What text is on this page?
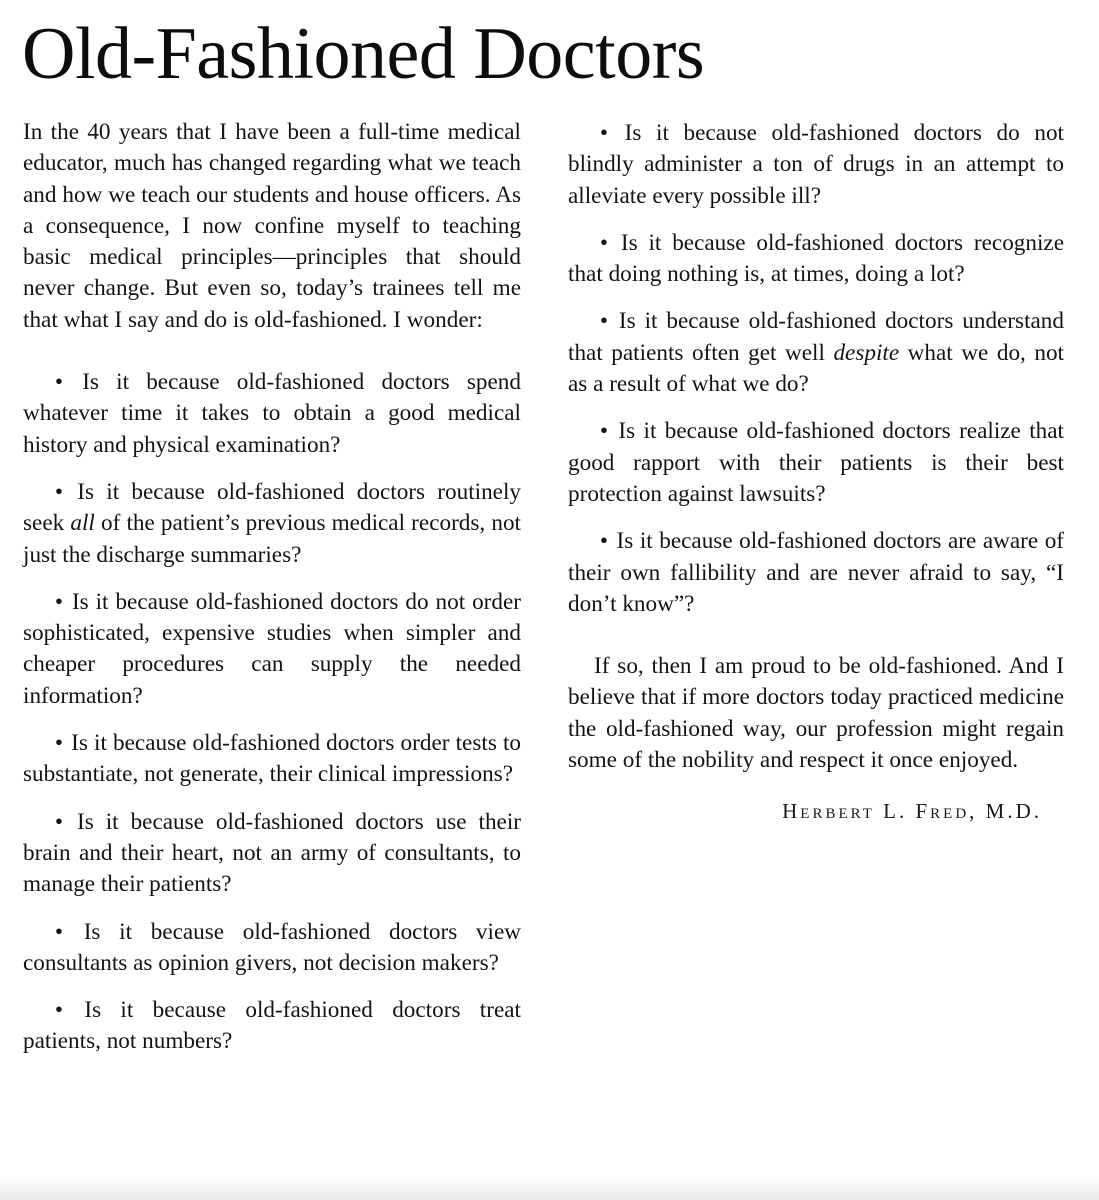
Old-Fashioned Doctors

In the 40 years that I have been a full-time medical educator, much has changed regarding what we teach and how we teach our students and house officers. As a consequence, I now confine myself to teaching basic medical principles—principles that should never change. But even so, today’s trainees tell me that what I say and do is old-fashioned. I wonder:

• Is it because old-fashioned doctors spend whatever time it takes to obtain a good medical history and physical examination?

• Is it because old-fashioned doctors routinely seek all of the patient’s previous medical records, not just the discharge summaries?

• Is it because old-fashioned doctors do not order sophisticated, expensive studies when simpler and cheaper procedures can supply the needed information?

• Is it because old-fashioned doctors order tests to substantiate, not generate, their clinical impressions?

• Is it because old-fashioned doctors use their brain and their heart, not an army of consultants, to manage their patients?

• Is it because old-fashioned doctors view consultants as opinion givers, not decision makers?

• Is it because old-fashioned doctors treat patients, not numbers?

• Is it because old-fashioned doctors do not blindly administer a ton of drugs in an attempt to alleviate every possible ill?

• Is it because old-fashioned doctors recognize that doing nothing is, at times, doing a lot?

• Is it because old-fashioned doctors understand that patients often get well despite what we do, not as a result of what we do?

• Is it because old-fashioned doctors realize that good rapport with their patients is their best protection against lawsuits?

• Is it because old-fashioned doctors are aware of their own fallibility and are never afraid to say, “I don’t know”?

If so, then I am proud to be old-fashioned. And I believe that if more doctors today practiced medicine the old-fashioned way, our profession might regain some of the nobility and respect it once enjoyed.

Herbert L. Fred, M.D.
